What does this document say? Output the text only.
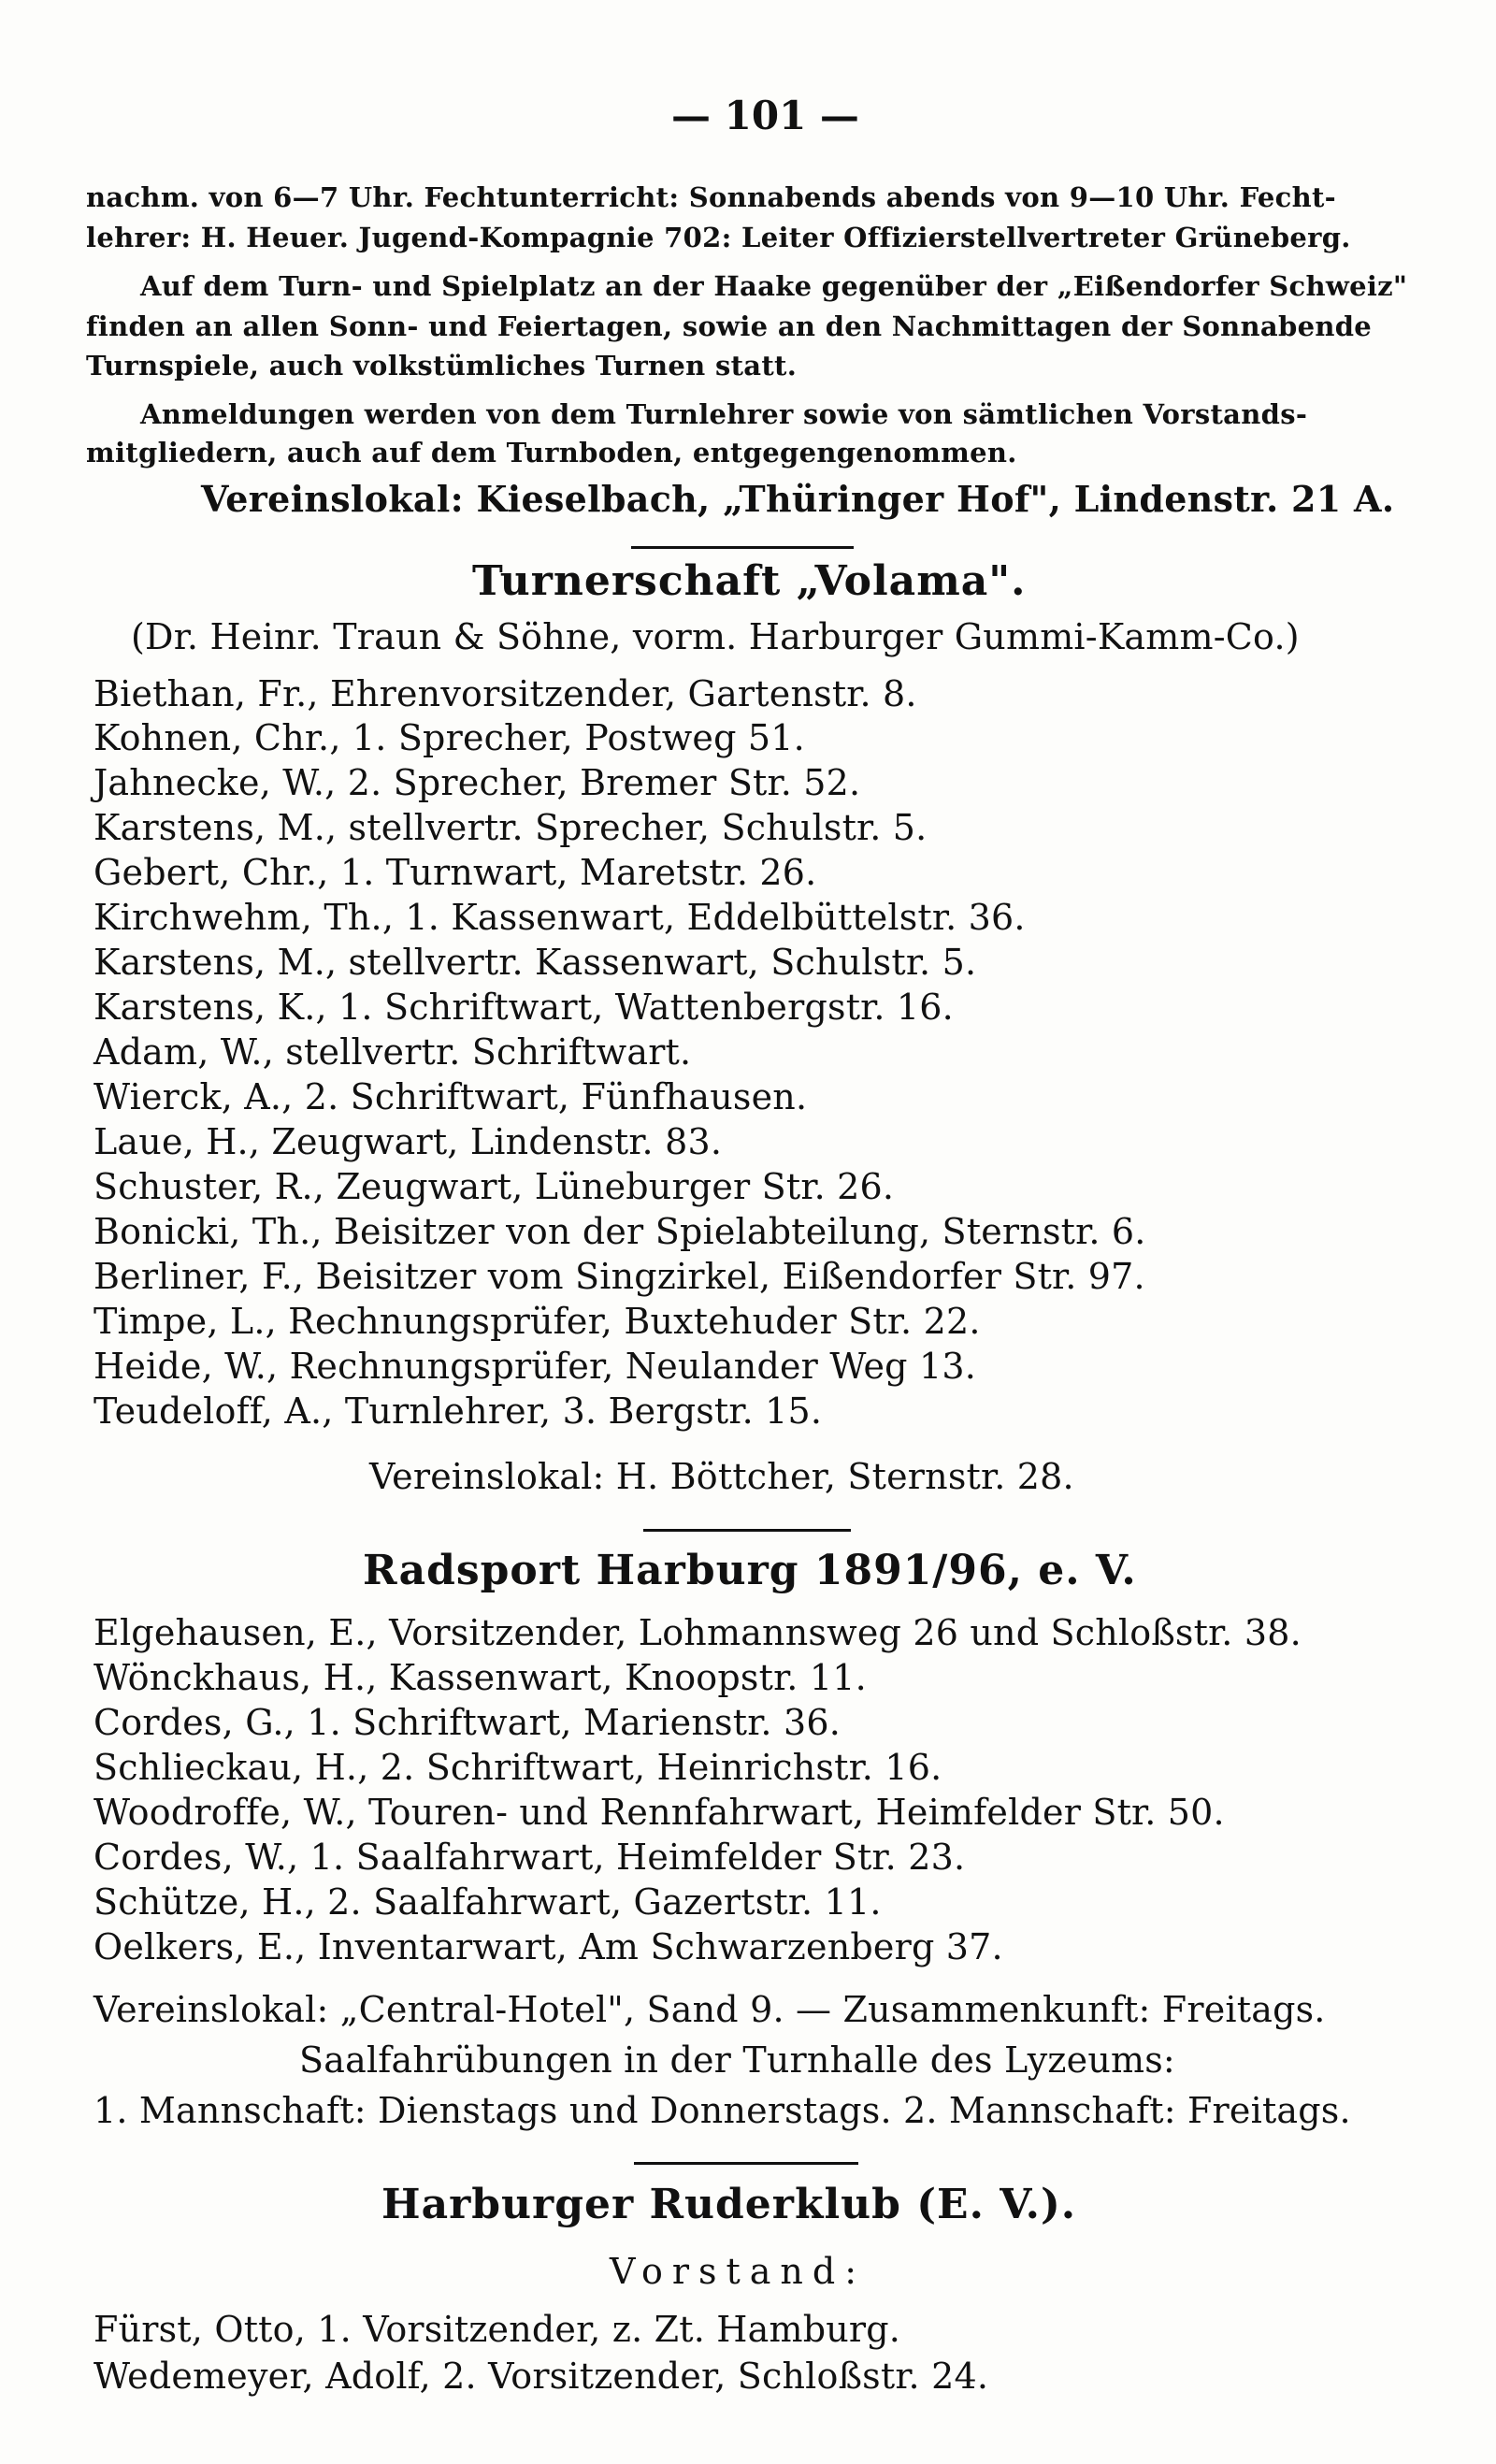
— 101 —
nachm. von 6—7 Uhr. Fechtunterricht: Sonnabends abends von 9—10 Uhr. Fecht-
lehrer: H. Heuer. Jugend-Kompagnie 702: Leiter Offizierstellvertreter Grüneberg.
Auf dem Turn- und Spielplatz an der Haake gegenüber der „Eißendorfer Schweiz"
finden an allen Sonn- und Feiertagen, sowie an den Nachmittagen der Sonnabende
Turnspiele, auch volkstümliches Turnen statt.
Anmeldungen werden von dem Turnlehrer sowie von sämtlichen Vorstands-
mitgliedern, auch auf dem Turnboden, entgegengenommen.
Vereinslokal: Kieselbach, „Thüringer Hof", Lindenstr. 21 A.
Turnerschaft „Volama".
(Dr. Heinr. Traun & Söhne, vorm. Harburger Gummi-Kamm-Co.)
Biethan, Fr., Ehrenvorsitzender, Gartenstr. 8.
Kohnen, Chr., 1. Sprecher, Postweg 51.
Jahnecke, W., 2. Sprecher, Bremer Str. 52.
Karstens, M., stellvertr. Sprecher, Schulstr. 5.
Gebert, Chr., 1. Turnwart, Maretstr. 26.
Kirchwehm, Th., 1. Kassenwart, Eddelbüttelstr. 36.
Karstens, M., stellvertr. Kassenwart, Schulstr. 5.
Karstens, K., 1. Schriftwart, Wattenbergstr. 16.
Adam, W., stellvertr. Schriftwart.
Wierck, A., 2. Schriftwart, Fünfhausen.
Laue, H., Zeugwart, Lindenstr. 83.
Schuster, R., Zeugwart, Lüneburger Str. 26.
Bonicki, Th., Beisitzer von der Spielabteilung, Sternstr. 6.
Berliner, F., Beisitzer vom Singzirkel, Eißendorfer Str. 97.
Timpe, L., Rechnungsprüfer, Buxtehuder Str. 22.
Heide, W., Rechnungsprüfer, Neulander Weg 13.
Teudeloff, A., Turnlehrer, 3. Bergstr. 15.
Vereinslokal: H. Böttcher, Sternstr. 28.
Radsport Harburg 1891/96, e. V.
Elgehausen, E., Vorsitzender, Lohmannsweg 26 und Schloßstr. 38.
Wönckhaus, H., Kassenwart, Knoopstr. 11.
Cordes, G., 1. Schriftwart, Marienstr. 36.
Schlieckau, H., 2. Schriftwart, Heinrichstr. 16.
Woodroffe, W., Touren- und Rennfahrwart, Heimfelder Str. 50.
Cordes, W., 1. Saalfahrwart, Heimfelder Str. 23.
Schütze, H., 2. Saalfahrwart, Gazertstr. 11.
Oelkers, E., Inventarwart, Am Schwarzenberg 37.
Vereinslokal: „Central-Hotel", Sand 9. — Zusammenkunft: Freitags.
Saalfahrübungen in der Turnhalle des Lyzeums:
1. Mannschaft: Dienstags und Donnerstags. 2. Mannschaft: Freitags.
Harburger Ruderklub (E. V.).
Vorstand:
Fürst, Otto, 1. Vorsitzender, z. Zt. Hamburg.
Wedemeyer, Adolf, 2. Vorsitzender, Schloßstr. 24.
